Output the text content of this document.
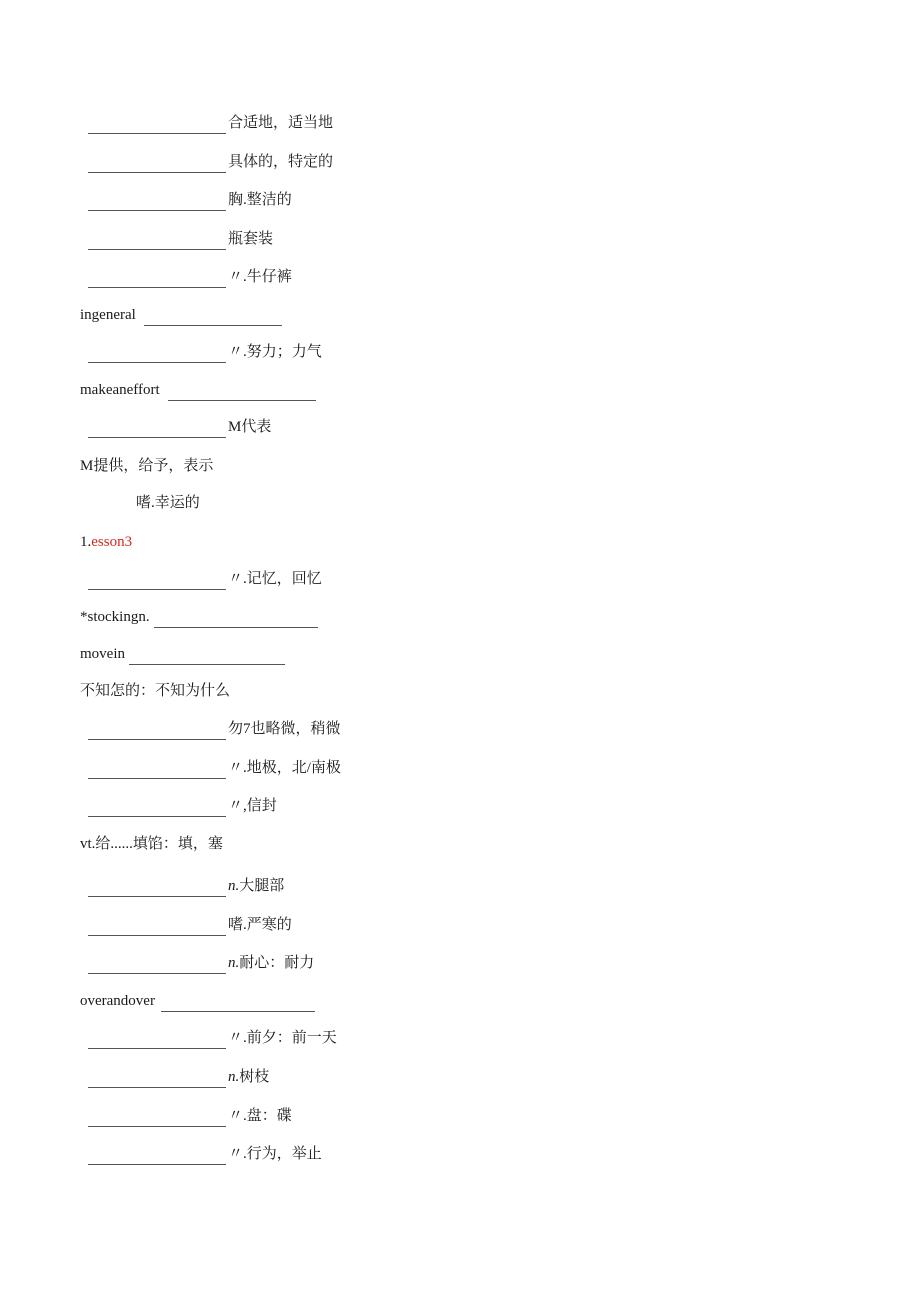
合适地，适当地
具体的，特定的
胸.整洁的
瓶套装
〃.牛仔裤
ingeneral
〃.努力；力气
makeaneffort
M代表
M提供，给予，表示
嗜.幸运的
1. esson3
〃.记忆，回忆
*stockingn.
movein
不知怎的：不知为什么
勿7也略微，稍微
〃.地极，北/南极
〃,信封
vt.给......填馅：填，塞
n. 大腿部
嗜.严寒的
n. 耐心：耐力
overandover
〃.前夕：前一天
n. 树枝
〃.盘：碟
〃.行为，举止
